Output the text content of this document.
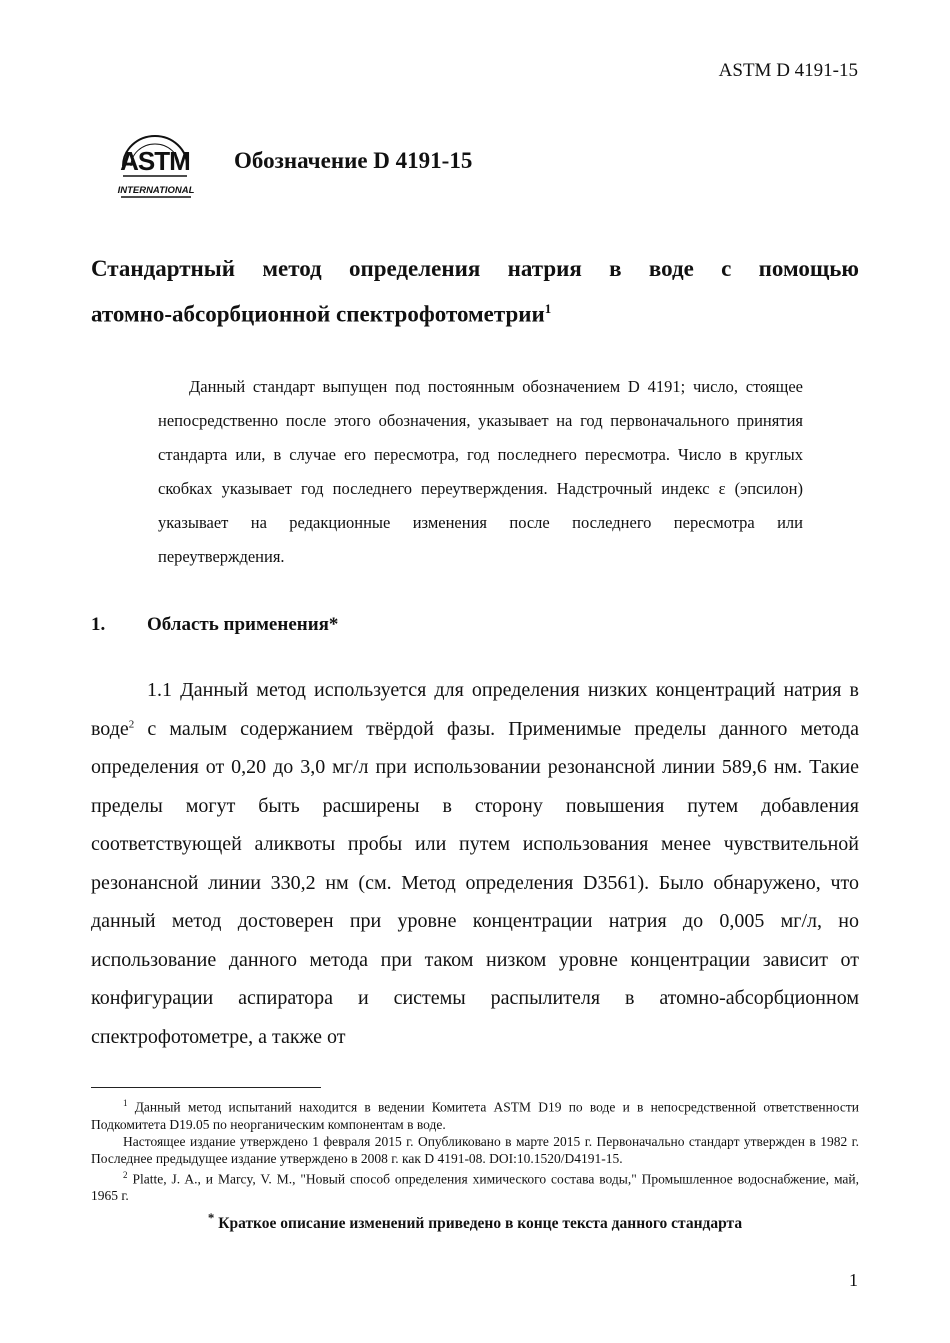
ASTM D 4191-15
ASTM
INTERNATIONAL
Обозначение D 4191-15
Стандартный метод определения натрия в воде с помощью
атомно-абсорбционной спектрофотометрии$^1$
Данный стандарт выпущен под постоянным обозначением D 4191; число, стоящее непосредственно после этого обозначения, указывает на год первоначального принятия стандарта или, в случае его пересмотра, год последнего пересмотра. Число в круглых скобках указывает год последнего переутверждения. Надстрочный индекс ε (эпсилон) указывает на редакционные изменения после последнего пересмотра или переутверждения.
1. Область применения*
1.1 Данный метод используется для определения низких концентраций натрия в воде$^2$ с малым содержанием твёрдой фазы. Применимые пределы данного метода определения от 0,20 до 3,0 мг/л при использовании резонансной линии 589,6 нм. Такие пределы могут быть расширены в сторону повышения путем добавления соответствующей аликвоты пробы или путем использования менее чувствительной резонансной линии 330,2 нм (см. Метод определения D3561). Было обнаружено, что данный метод достоверен при уровне концентрации натрия до 0,005 мг/л, но использование данного метода при таком низком уровне концентрации зависит от конфигурации аспиратора и системы распылителя в атомно-абсорбционном спектрофотометре, а также от

$^1$ Данный метод испытаний находится в ведении Комитета ASTM D19 по воде и в непосредственной ответственности Подкомитета D19.05 по неорганическим компонентам в воде.

Настоящее издание утверждено 1 февраля 2015 г. Опубликовано в марте 2015 г. Первоначально стандарт утвержден в 1982 г. Последнее предыдущее издание утверждено в 2008 г. как D 4191-08. DOI:10.1520/D4191-15.

$^2$ Platte, J. A., и Marcy, V. M., "Новый способ определения химического состава воды," Промышленное водоснабжение, май, 1965 г.

* Краткое описание изменений приведено в конце текста данного стандарта
1
